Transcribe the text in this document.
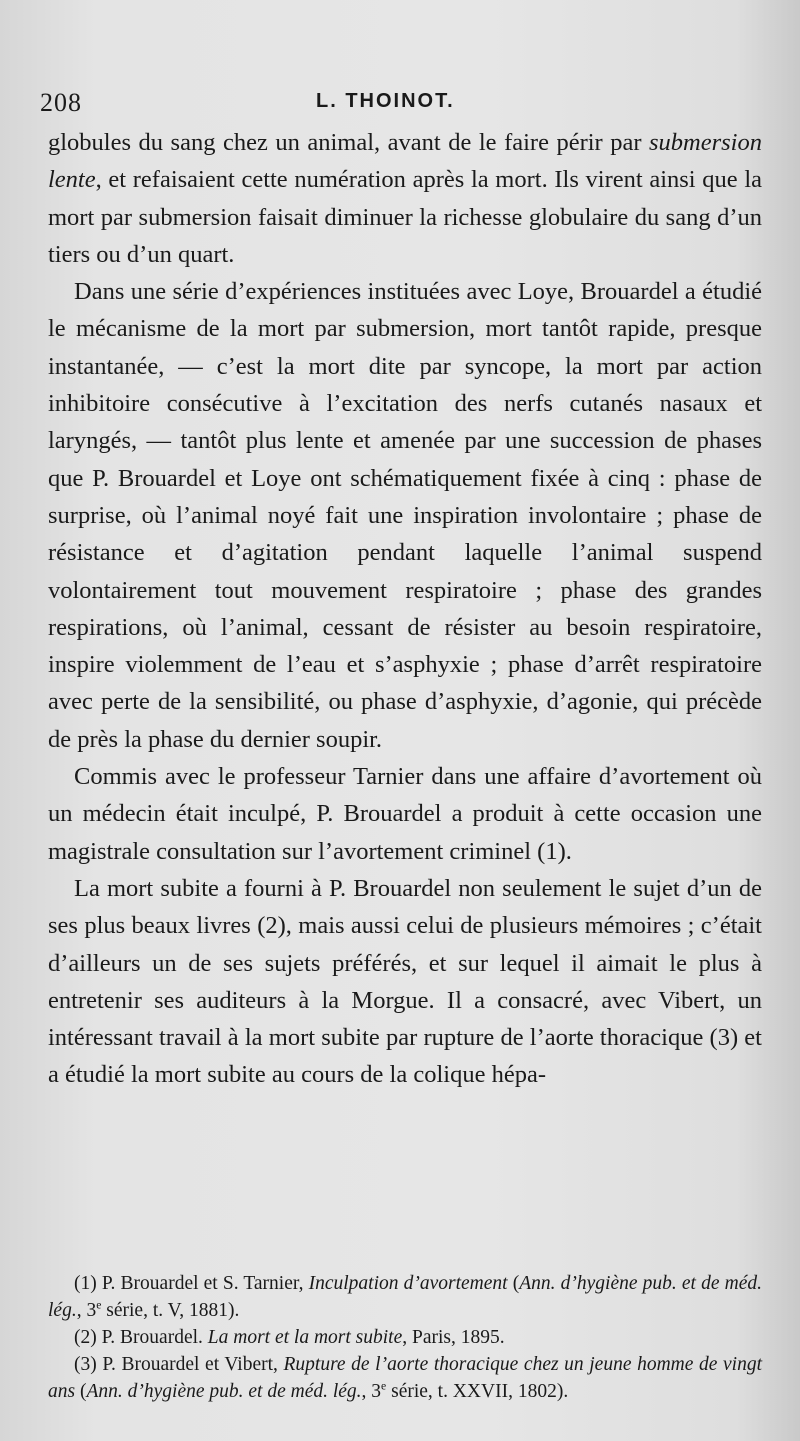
208	L. THOINOT.

globules du sang chez un animal, avant de le faire périr par submersion lente, et refaisaient cette numération après la mort. Ils virent ainsi que la mort par submersion faisait diminuer la richesse globulaire du sang d’un tiers ou d’un quart.

Dans une série d’expériences instituées avec Loye, Brouardel a étudié le mécanisme de la mort par submersion, mort tantôt rapide, presque instantanée, — c’est la mort dite par syncope, la mort par action inhibitoire consécutive à l’excitation des nerfs cutanés nasaux et laryngés, — tantôt plus lente et amenée par une succession de phases que P. Brouardel et Loye ont schématiquement fixée à cinq : phase de surprise, où l’animal noyé fait une inspiration involontaire ; phase de résistance et d’agitation pendant laquelle l’animal suspend volontairement tout mouvement respiratoire ; phase des grandes respirations, où l’animal, cessant de résister au besoin respiratoire, inspire violemment de l’eau et s’asphyxie ; phase d’arrêt respiratoire avec perte de la sensibilité, ou phase d’asphyxie, d’agonie, qui précède de près la phase du dernier soupir.

Commis avec le professeur Tarnier dans une affaire d’avortement où un médecin était inculpé, P. Brouardel a produit à cette occasion une magistrale consultation sur l’avortement criminel (1).

La mort subite a fourni à P. Brouardel non seulement le sujet d’un de ses plus beaux livres (2), mais aussi celui de plusieurs mémoires ; c’était d’ailleurs un de ses sujets préférés, et sur lequel il aimait le plus à entretenir ses auditeurs à la Morgue. Il a consacré, avec Vibert, un intéressant travail à la mort subite par rupture de l’aorte thoracique (3) et a étudié la mort subite au cours de la colique hépa-

(1) P. Brouardel et S. Tarnier, Inculpation d’avortement (Ann. d’hygiène pub. et de méd. lég., 3e série, t. V, 1881).

(2) P. Brouardel. La mort et la mort subite, Paris, 1895.

(3) P. Brouardel et Vibert, Rupture de l’aorte thoracique chez un jeune homme de vingt ans (Ann. d’hygiène pub. et de méd. lég., 3e série, t. XXVII, 1802).
